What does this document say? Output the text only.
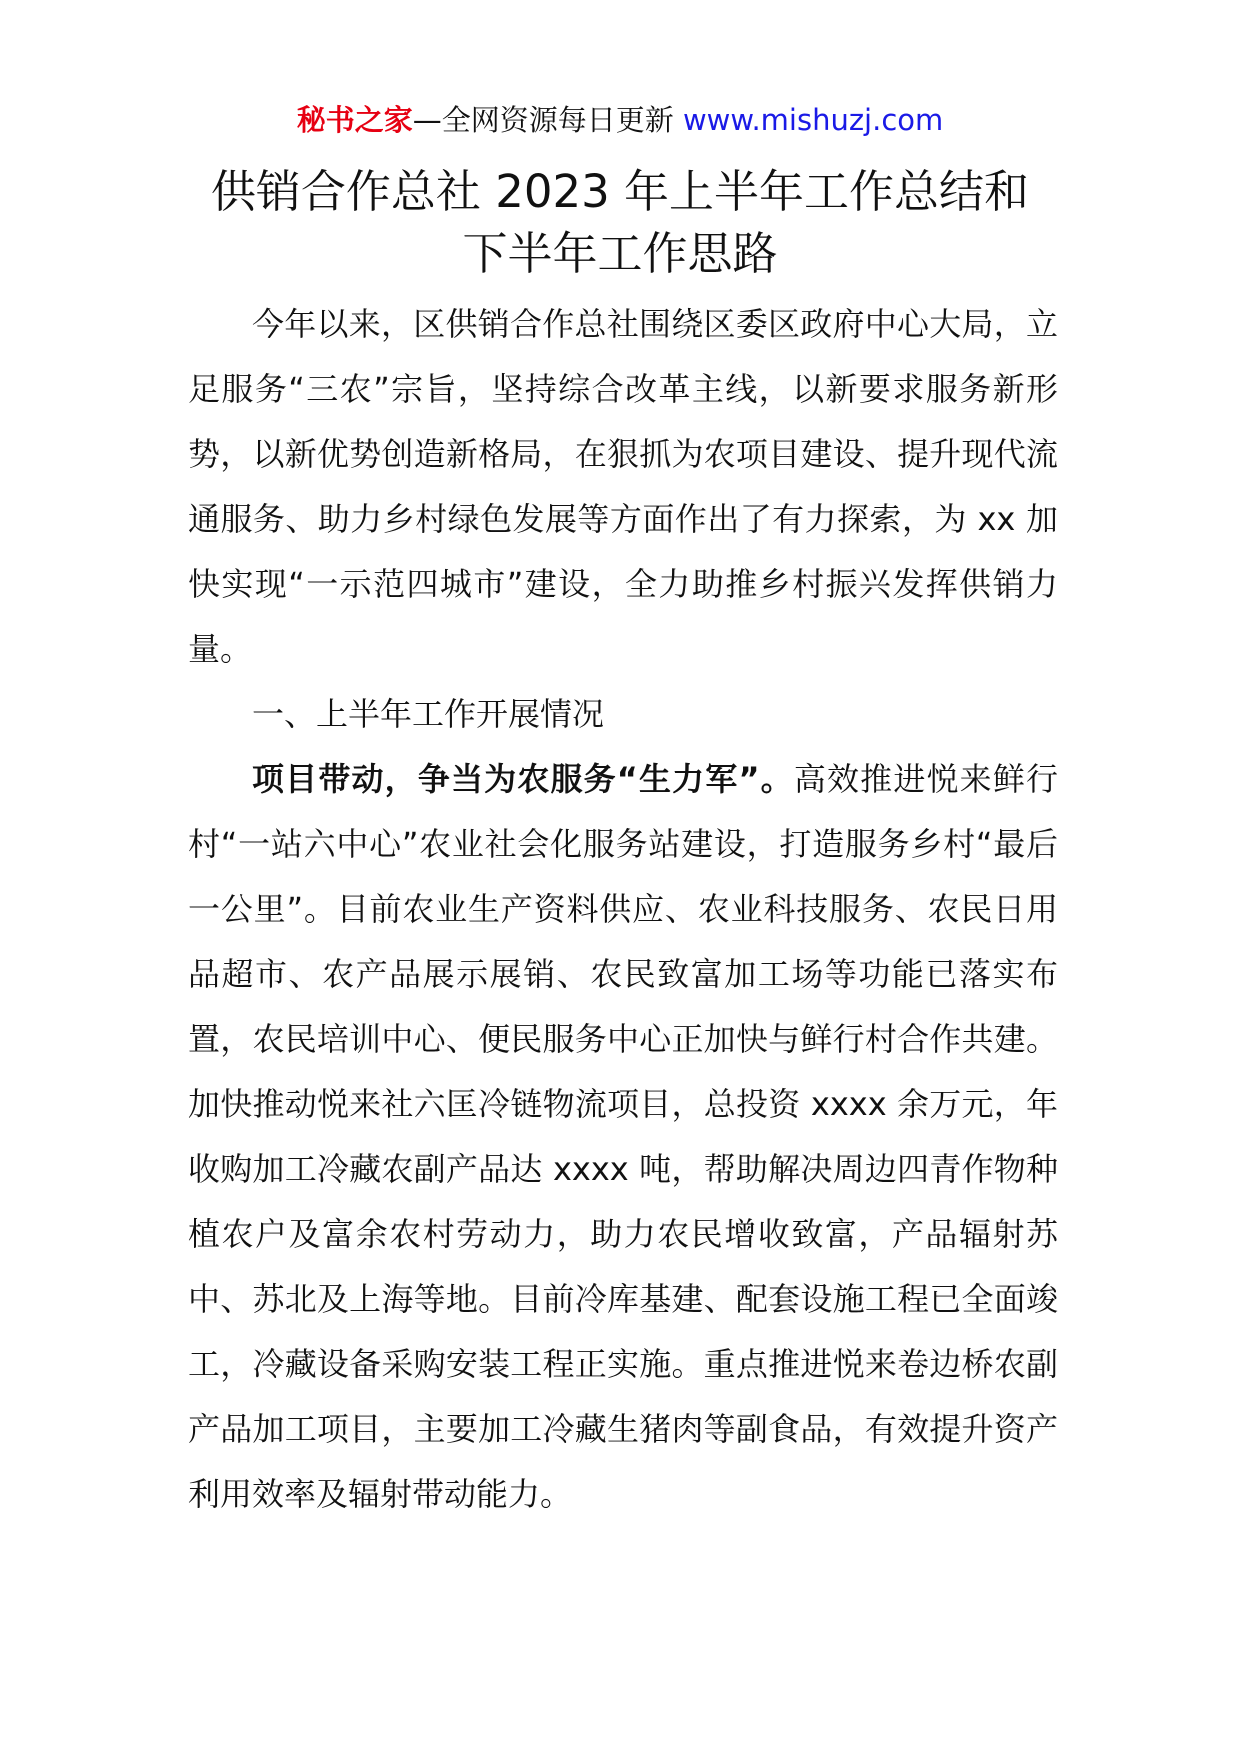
秘书之家—全网资源每日更新 www.mishuzj.com
供销合作总社 2023 年上半年工作总结和
下半年工作思路

今年以来，区供销合作总社围绕区委区政府中心大局，立足服务“三农”宗旨，坚持综合改革主线，以新要求服务新形势，以新优势创造新格局，在狠抓为农项目建设、提升现代流通服务、助力乡村绿色发展等方面作出了有力探索，为 xx 加快实现“一示范四城市”建设，全力助推乡村振兴发挥供销力量。

一、上半年工作开展情况

项目带动，争当为农服务“生力军”。高效推进悦来鲜行村“一站六中心”农业社会化服务站建设，打造服务乡村“最后一公里”。目前农业生产资料供应、农业科技服务、农民日用品超市、农产品展示展销、农民致富加工场等功能已落实布置，农民培训中心、便民服务中心正加快与鲜行村合作共建。加快推动悦来社六匡冷链物流项目，总投资 xxxx 余万元，年收购加工冷藏农副产品达 xxxx 吨，帮助解决周边四青作物种植农户及富余农村劳动力，助力农民增收致富，产品辐射苏中、苏北及上海等地。目前冷库基建、配套设施工程已全面竣工，冷藏设备采购安装工程正实施。重点推进悦来卷边桥农副产品加工项目，主要加工冷藏生猪肉等副食品，有效提升资产利用效率及辐射带动能力。
